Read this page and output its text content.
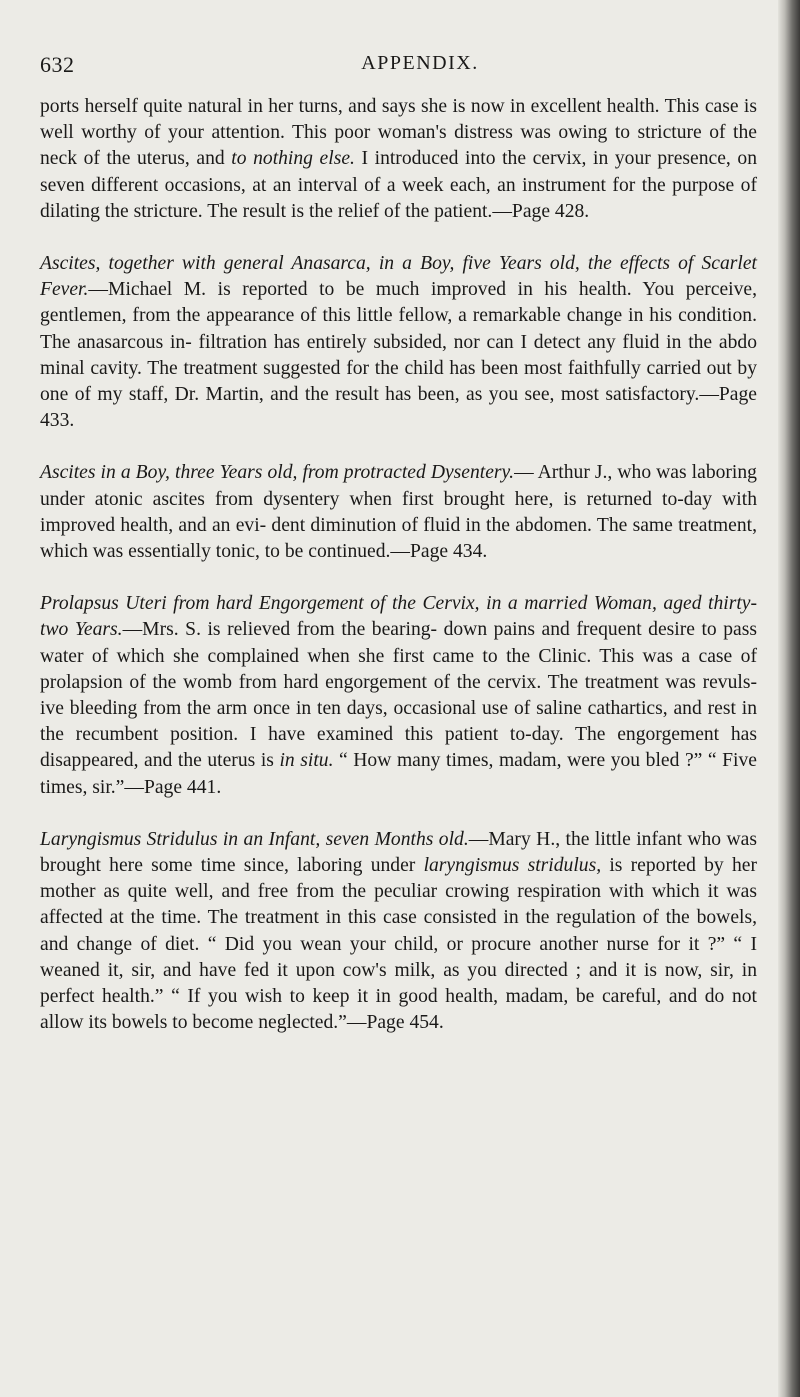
632	APPENDIX.

ports herself quite natural in her turns, and says she is now in excellent health. This case is well worthy of your attention. This poor woman's distress was owing to stricture of the neck of the uterus, and to nothing else. I introduced into the cervix, in your presence, on seven different occasions, at an interval of a week each, an instrument for the purpose of dilating the stricture. The result is the relief of the patient.—Page 428.

Ascites, together with general Anasarca, in a Boy, five Years old, the effects of Scarlet Fever.—Michael M. is reported to be much improved in his health. You perceive, gentlemen, from the appearance of this little fellow, a remarkable change in his condition. The anasarcous in- filtration has entirely subsided, nor can I detect any fluid in the abdo minal cavity. The treatment suggested for the child has been most faithfully carried out by one of my staff, Dr. Martin, and the result has been, as you see, most satisfactory.—Page 433.

Ascites in a Boy, three Years old, from protracted Dysentery.— Arthur J., who was laboring under atonic ascites from dysentery when first brought here, is returned to-day with improved health, and an evi- dent diminution of fluid in the abdomen. The same treatment, which was essentially tonic, to be continued.—Page 434.

Prolapsus Uteri from hard Engorgement of the Cervix, in a married Woman, aged thirty-two Years.—Mrs. S. is relieved from the bearing- down pains and frequent desire to pass water of which she complained when she first came to the Clinic. This was a case of prolapsion of the womb from hard engorgement of the cervix. The treatment was revuls- ive bleeding from the arm once in ten days, occasional use of saline cathartics, and rest in the recumbent position. I have examined this patient to-day. The engorgement has disappeared, and the uterus is in situ. “ How many times, madam, were you bled ?” “ Five times, sir.”—Page 441.

Laryngismus Stridulus in an Infant, seven Months old.—Mary H., the little infant who was brought here some time since, laboring under laryngismus stridulus, is reported by her mother as quite well, and free from the peculiar crowing respiration with which it was affected at the time. The treatment in this case consisted in the regulation of the bowels, and change of diet. “ Did you wean your child, or procure another nurse for it ?” “ I weaned it, sir, and have fed it upon cow's milk, as you directed ; and it is now, sir, in perfect health.” “ If you wish to keep it in good health, madam, be careful, and do not allow its bowels to become neglected.”—Page 454.
